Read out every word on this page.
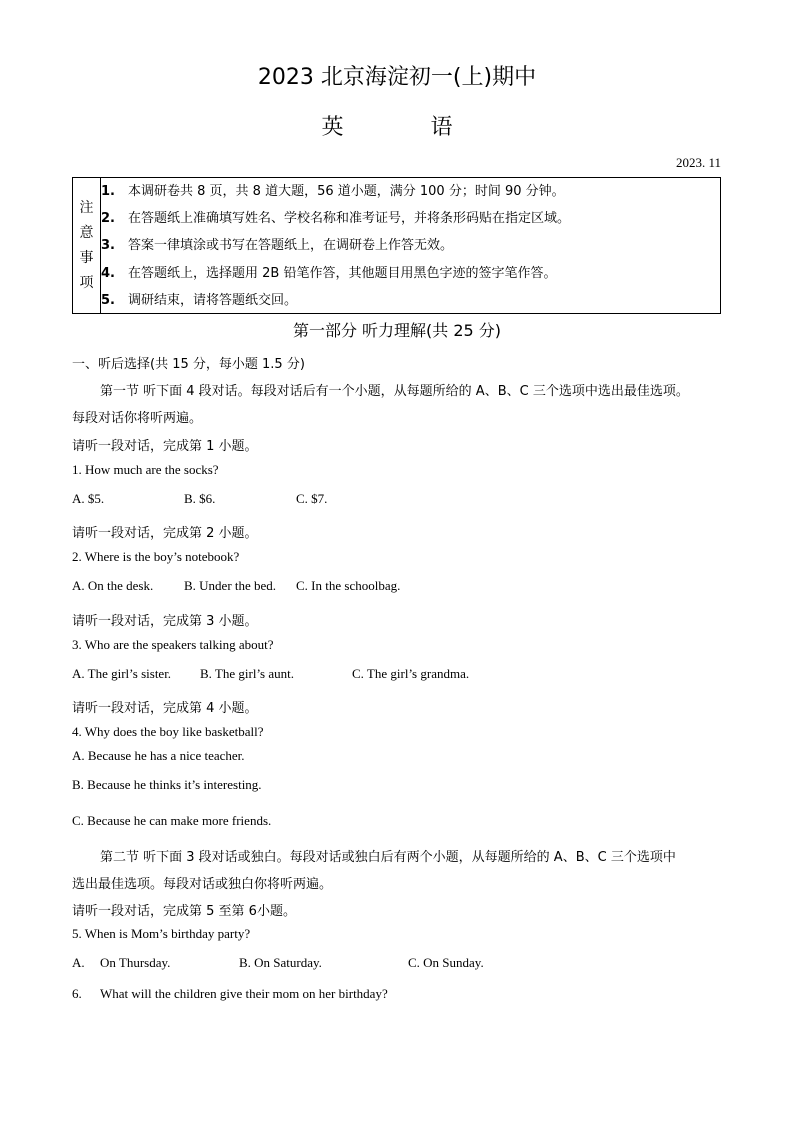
2023 北京海淀初一(上)期中
英 语
2023. 11
注
意
事
项
1. 本调研卷共 8 页，共 8 道大题，56 道小题，满分 100 分；时间 90 分钟。
2. 在答题纸上准确填写姓名、学校名称和准考证号，并将条形码贴在指定区域。
3. 答案一律填涂或书写在答题纸上，在调研卷上作答无效。
4. 在答题纸上，选择题用 2B 铅笔作答，其他题目用黑色字迹的签字笔作答。
5. 调研结束，请将答题纸交回。
第一部分 听力理解(共 25 分)
一、听后选择(共 15 分，每小题 1.5 分)
第一节 听下面 4 段对话。每段对话后有一个小题，从每题所给的 A、B、C 三个选项中选出最佳选项。
每段对话你将听两遍。
请听一段对话，完成第 1 小题。
1. How much are the socks?
A. $5.	B. $6.	C. $7.
请听一段对话，完成第 2 小题。
2. Where is the boy’s notebook?
A. On the desk. B. Under the bed. C. In the schoolbag.
请听一段对话，完成第 3 小题。
3. Who are the speakers talking about?
A. The girl’s sister. B. The girl’s aunt.	C. The girl’s grandma.
请听一段对话，完成第 4 小题。
4. Why does the boy like basketball?
A. Because he has a nice teacher.
B. Because he thinks it’s interesting.
C. Because he can make more friends.
第二节 听下面 3 段对话或独白。每段对话或独白后有两个小题，从每题所给的 A、B、C 三个选项中
选出最佳选项。每段对话或独白你将听两遍。
请听一段对话，完成第 5 至第 6小题。
5. When is Mom’s birthday party?
A. On Thursday.	B. On Saturday.	C. On Sunday.
6. What will the children give their mom on her birthday?
